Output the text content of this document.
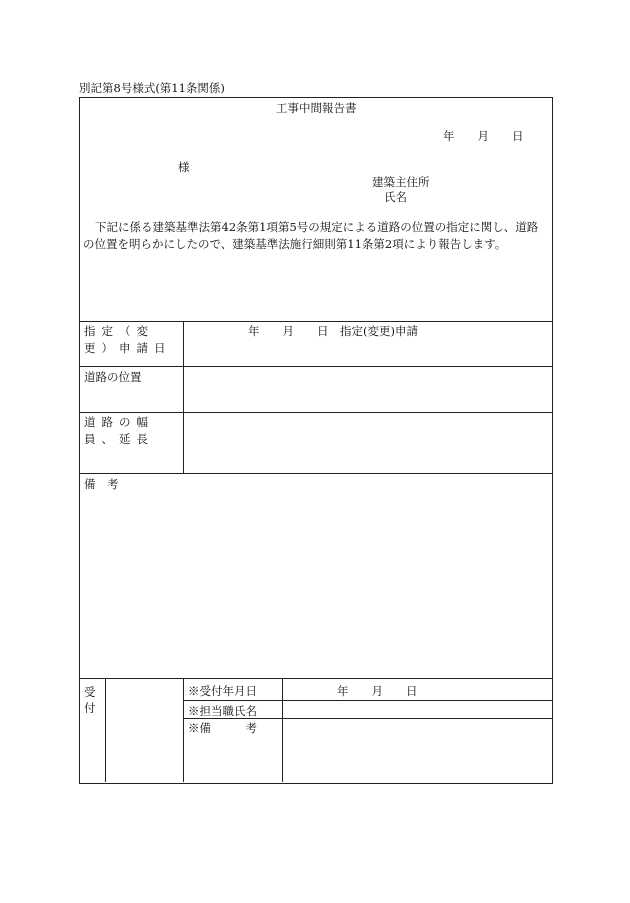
別記第8号様式(第11条関係)
工事中間報告書
年　　月　　日
様
建築主住所
氏名
下記に係る建築基準法第42条第1項第5号の規定による道路の位置の指定に関し、道路の位置を明らかにしたので、建築基準法施行細則第11条第2項により報告します。
指定（変更）申請日
年　　月　　日　指定(変更)申請
道路の位置
道路の幅員、延長
備　考
受付
※受付年月日	年　　月　　日
※担当職氏名
※備　　　考
